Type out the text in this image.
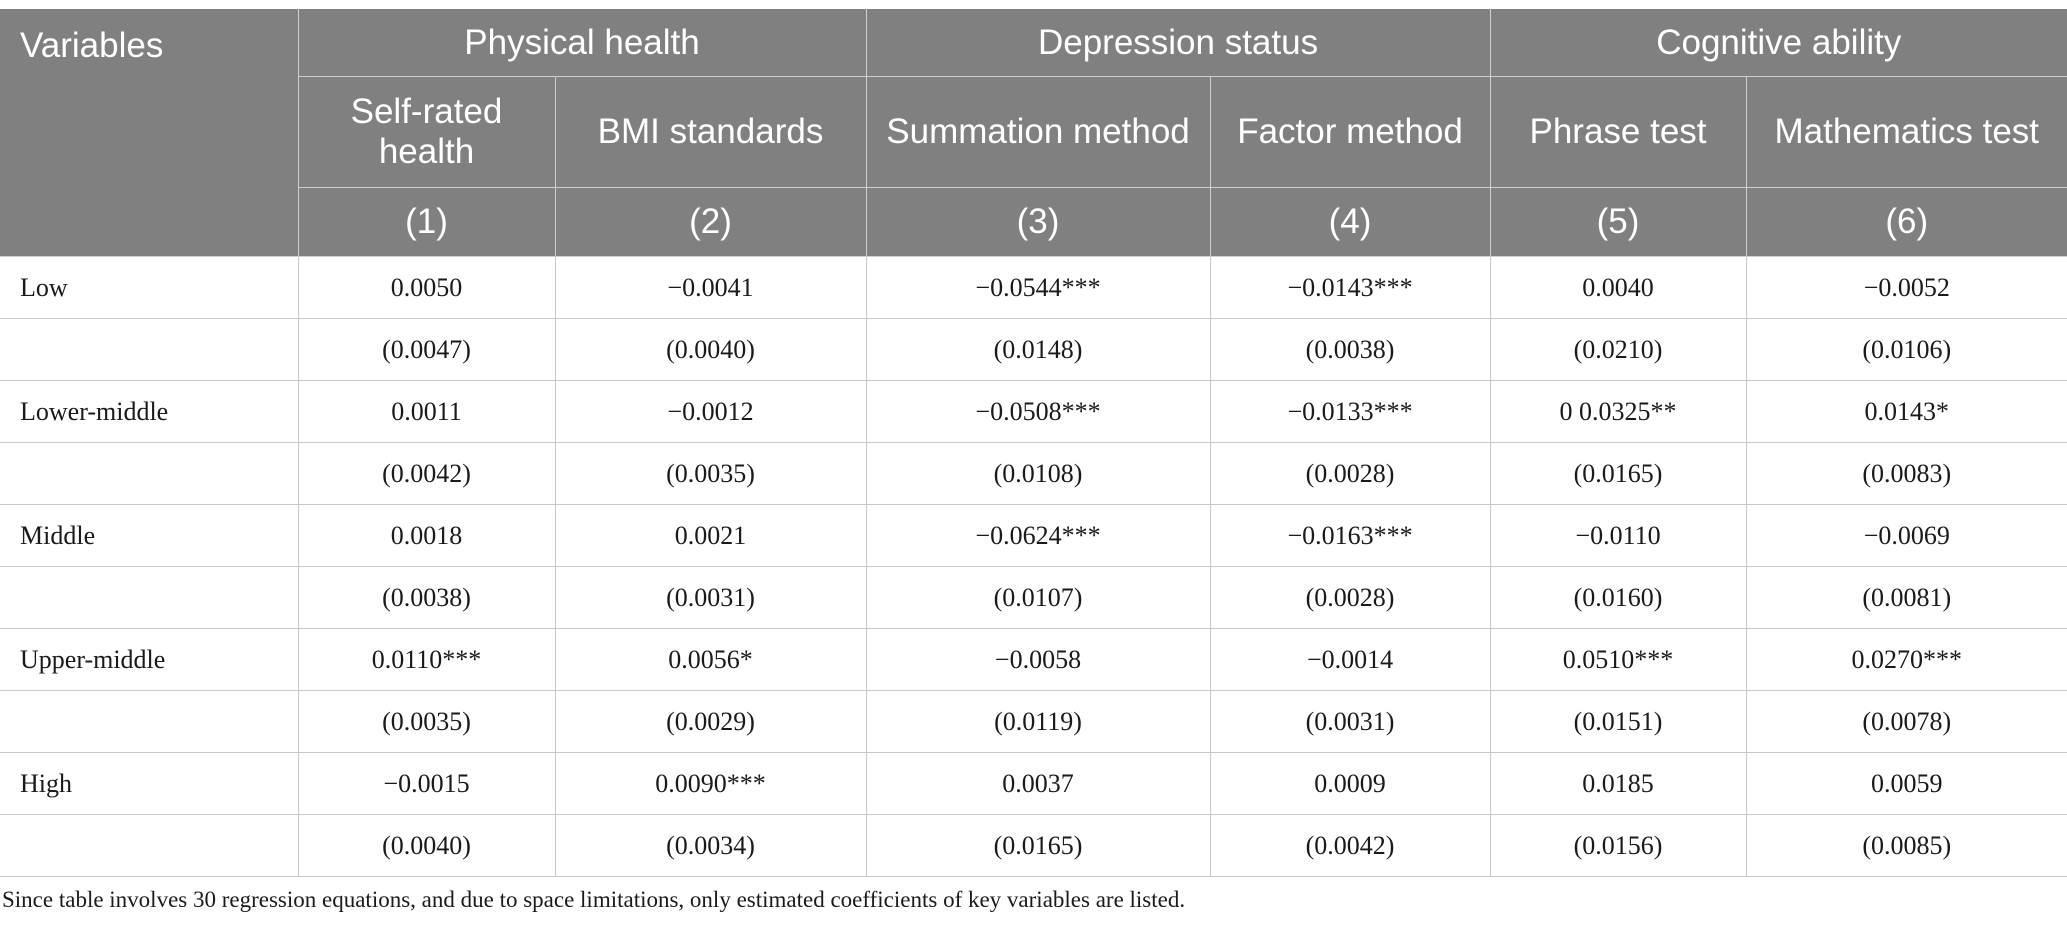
Variables	Physical health		Depression status		Cognitive ability	
	Self-rated health	BMI standards	Summation method	Factor method	Phrase test	Mathematics test
	(1)	(2)	(3)	(4)	(5)	(6)
Low	0.0050	−0.0041	−0.0544***	−0.0143***	0.0040	−0.0052
	(0.0047)	(0.0040)	(0.0148)	(0.0038)	(0.0210)	(0.0106)
Lower-middle	0.0011	−0.0012	−0.0508***	−0.0133***	0 0.0325**	0.0143*
	(0.0042)	(0.0035)	(0.0108)	(0.0028)	(0.0165)	(0.0083)
Middle	0.0018	0.0021	−0.0624***	−0.0163***	−0.0110	−0.0069
	(0.0038)	(0.0031)	(0.0107)	(0.0028)	(0.0160)	(0.0081)
Upper-middle	0.0110***	0.0056*	−0.0058	−0.0014	0.0510***	0.0270***
	(0.0035)	(0.0029)	(0.0119)	(0.0031)	(0.0151)	(0.0078)
High	−0.0015	0.0090***	0.0037	0.0009	0.0185	0.0059
	(0.0040)	(0.0034)	(0.0165)	(0.0042)	(0.0156)	(0.0085)
Since table involves 30 regression equations, and due to space limitations, only estimated coefficients of key variables are listed.
